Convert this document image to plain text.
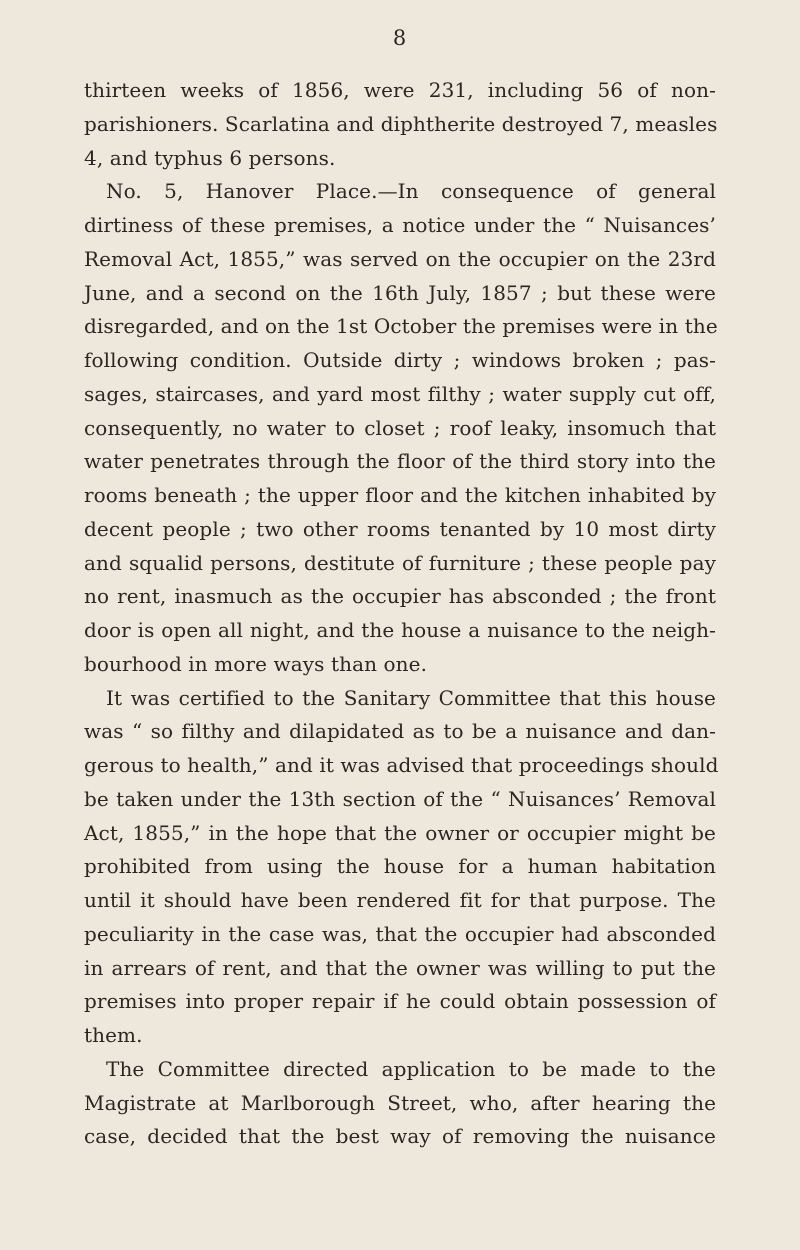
8
thirteen weeks of 1856, were 231, including 56 of non-
parishioners. Scarlatina and diphtherite destroyed 7, measles
4, and typhus 6 persons.
No. 5, Hanover Place.—In consequence of general
dirtiness of these premises, a notice under the “ Nuisances’
Removal Act, 1855,” was served on the occupier on the 23rd
June, and a second on the 16th July, 1857 ; but these were
disregarded, and on the 1st October the premises were in the
following condition. Outside dirty ; windows broken ; pas-
sages, staircases, and yard most filthy ; water supply cut off,
consequently, no water to closet ; roof leaky, insomuch that
water penetrates through the floor of the third story into the
rooms beneath ; the upper floor and the kitchen inhabited by
decent people ; two other rooms tenanted by 10 most dirty
and squalid persons, destitute of furniture ; these people pay
no rent, inasmuch as the occupier has absconded ; the front
door is open all night, and the house a nuisance to the neigh-
bourhood in more ways than one.
It was certified to the Sanitary Committee that this house
was “ so filthy and dilapidated as to be a nuisance and dan-
gerous to health,” and it was advised that proceedings should
be taken under the 13th section of the “ Nuisances’ Removal
Act, 1855,” in the hope that the owner or occupier might be
prohibited from using the house for a human habitation
until it should have been rendered fit for that purpose. The
peculiarity in the case was, that the occupier had absconded
in arrears of rent, and that the owner was willing to put the
premises into proper repair if he could obtain possession of
them.
The Committee directed application to be made to the
Magistrate at Marlborough Street, who, after hearing the
case, decided that the best way of removing the nuisance
